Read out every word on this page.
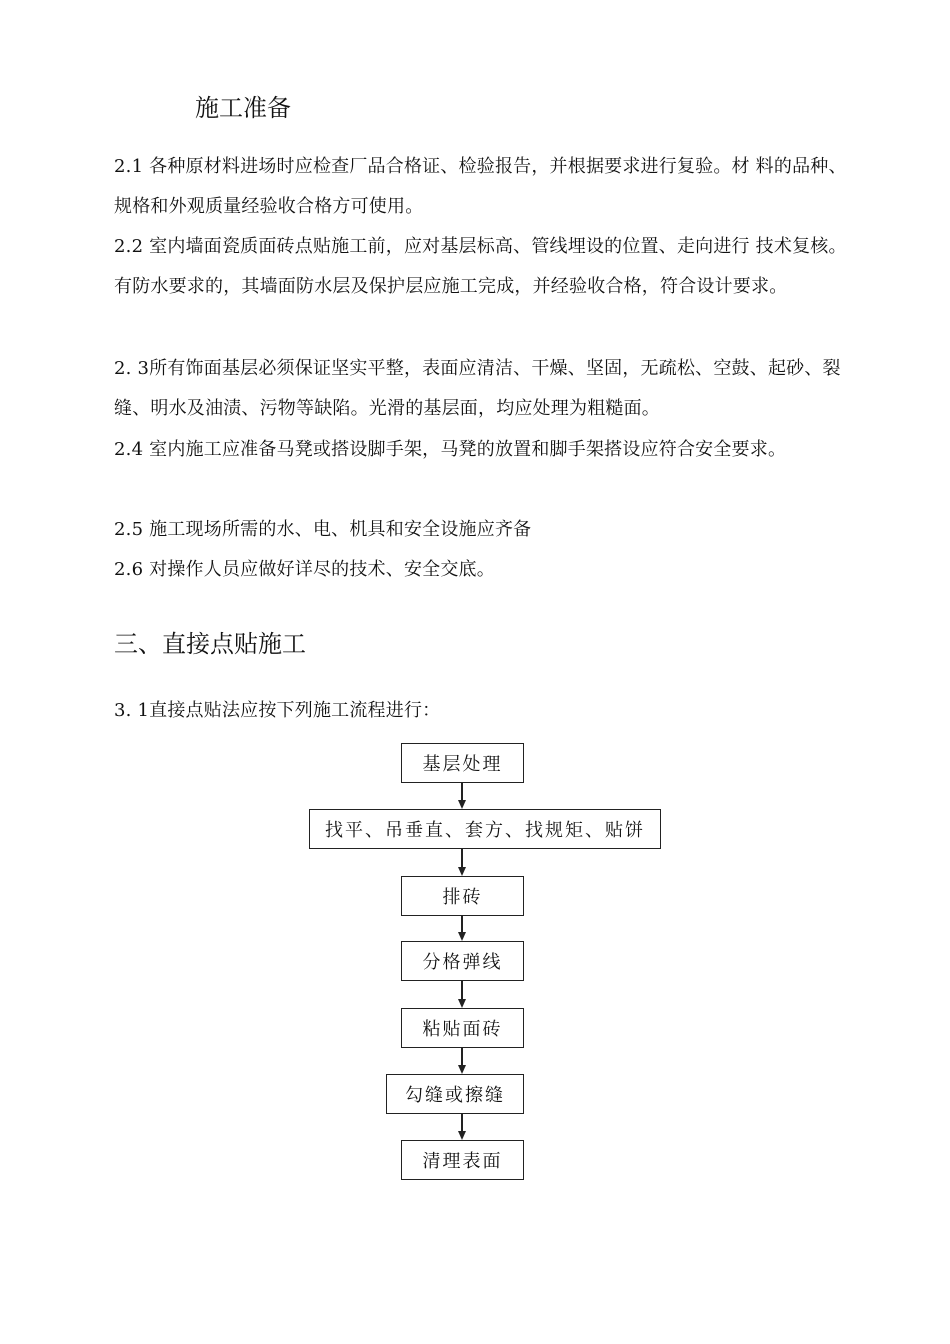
施工准备

2.1 各种原材料进场时应检查厂品合格证、检验报告，并根据要求进行复验。材 料的品种、规格和外观质量经验收合格方可使用。

2.2 室内墙面瓷质面砖点贴施工前，应对基层标高、管线埋设的位置、走向进行 技术复核。有防水要求的，其墙面防水层及保护层应施工完成，并经验收合格，符合设计要求。

2. 3所有饰面基层必须保证坚实平整，表面应清洁、干燥、坚固，无疏松、空鼓、起砂、裂缝、明水及油渍、污物等缺陷。光滑的基层面，均应处理为粗糙面。

2.4 室内施工应准备马凳或搭设脚手架，马凳的放置和脚手架搭设应符合安全要求。

2.5 施工现场所需的水、电、机具和安全设施应齐备

2.6 对操作人员应做好详尽的技术、安全交底。

三、直接点贴施工

3. 1直接点贴法应按下列施工流程进行：

基层处理
找平、吊垂直、套方、找规矩、贴饼
排砖
分格弹线
粘贴面砖
勾缝或擦缝
清理表面
